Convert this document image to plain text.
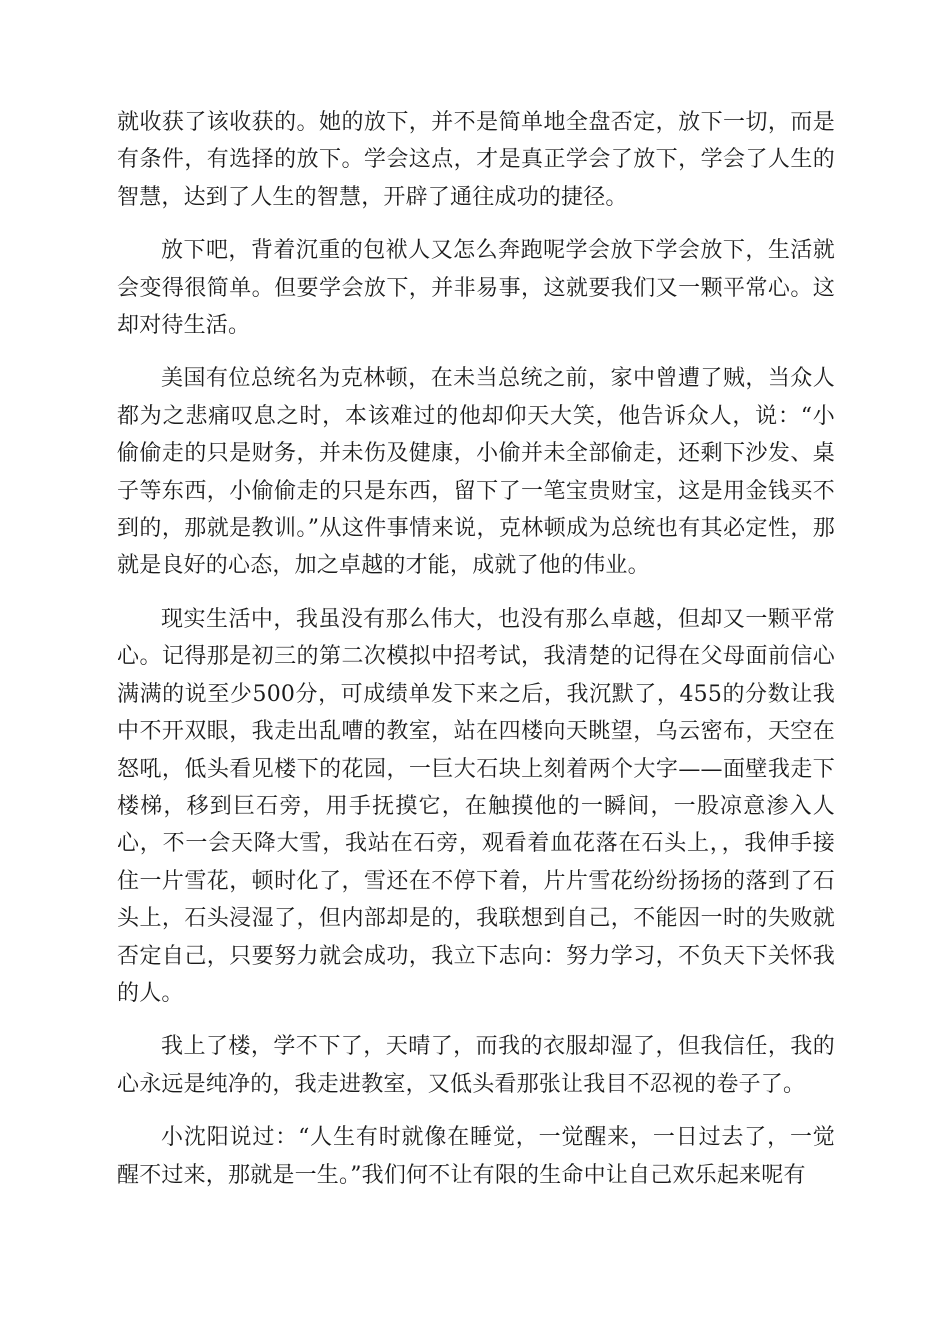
就收获了该收获的。她的放下，并不是简单地全盘否定，放下一切，而是有条件，有选择的放下。学会这点，才是真正学会了放下，学会了人生的智慧，达到了人生的智慧，开辟了通往成功的捷径。

放下吧，背着沉重的包袱人又怎么奔跑呢学会放下学会放下，生活就会变得很简单。但要学会放下，并非易事，这就要我们又一颗平常心。这却对待生活。

美国有位总统名为克林顿，在未当总统之前，家中曾遭了贼，当众人都为之悲痛叹息之时，本该难过的他却仰天大笑，他告诉众人，说：“小偷偷走的只是财务，并未伤及健康，小偷并未全部偷走，还剩下沙发、桌子等东西，小偷偷走的只是东西，留下了一笔宝贵财宝，这是用金钱买不到的，那就是教训。”从这件事情来说，克林顿成为总统也有其必定性，那就是良好的心态，加之卓越的才能，成就了他的伟业。

现实生活中，我虽没有那么伟大，也没有那么卓越，但却又一颗平常心。记得那是初三的第二次模拟中招考试，我清楚的记得在父母面前信心满满的说至少500分，可成绩单发下来之后，我沉默了，455的分数让我中不开双眼，我走出乱嘈的教室，站在四楼向天眺望，乌云密布，天空在怒吼，低头看见楼下的花园，一巨大石块上刻着两个大字——面壁我走下楼梯，移到巨石旁，用手抚摸它，在触摸他的一瞬间，一股凉意渗入人心，不一会天降大雪，我站在石旁，观看着血花落在石头上，，我伸手接住一片雪花，顿时化了，雪还在不停下着，片片雪花纷纷扬扬的落到了石头上，石头浸湿了，但内部却是的，我联想到自己，不能因一时的失败就否定自己，只要努力就会成功，我立下志向：努力学习，不负天下关怀我的人。

我上了楼，学不下了，天晴了，而我的衣服却湿了，但我信任，我的心永远是纯净的，我走进教室，又低头看那张让我目不忍视的卷子了。

小沈阳说过：“人生有时就像在睡觉，一觉醒来，一日过去了，一觉醒不过来，那就是一生。”我们何不让有限的生命中让自己欢乐起来呢有
